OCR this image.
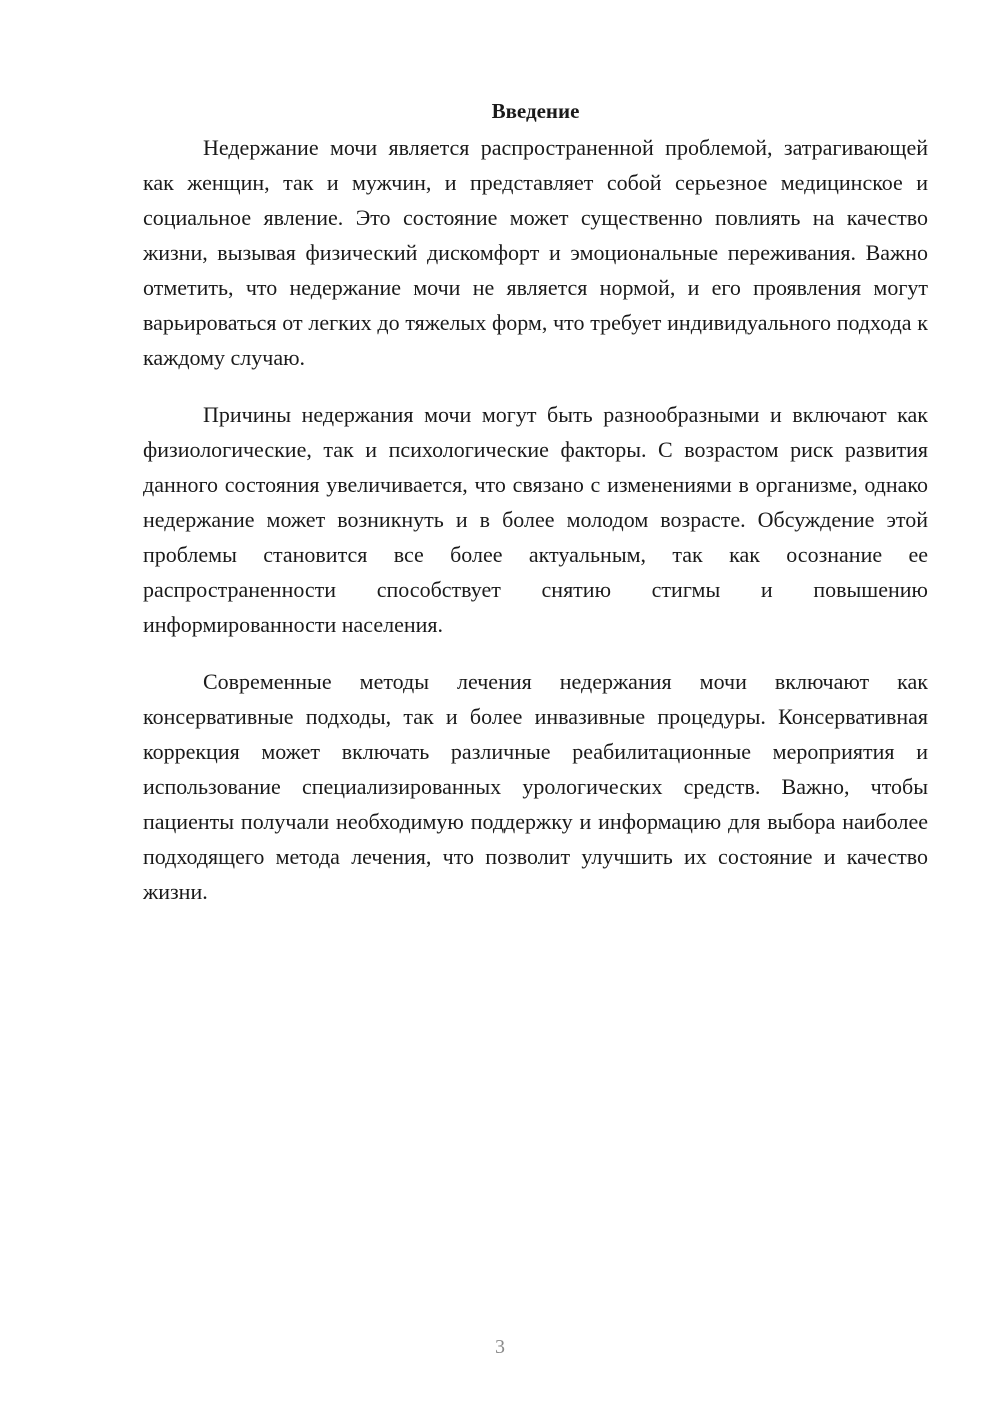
Введение

Недержание мочи является распространенной проблемой, затрагивающей как женщин, так и мужчин, и представляет собой серьезное медицинское и социальное явление. Это состояние может существенно повлиять на качество жизни, вызывая физический дискомфорт и эмоциональные переживания. Важно отметить, что недержание мочи не является нормой, и его проявления могут варьироваться от легких до тяжелых форм, что требует индивидуального подхода к каждому случаю.

Причины недержания мочи могут быть разнообразными и включают как физиологические, так и психологические факторы. С возрастом риск развития данного состояния увеличивается, что связано с изменениями в организме, однако недержание может возникнуть и в более молодом возрасте. Обсуждение этой проблемы становится все более актуальным, так как осознание ее распространенности способствует снятию стигмы и повышению информированности населения.

Современные методы лечения недержания мочи включают как консервативные подходы, так и более инвазивные процедуры. Консервативная коррекция может включать различные реабилитационные мероприятия и использование специализированных урологических средств. Важно, чтобы пациенты получали необходимую поддержку и информацию для выбора наиболее подходящего метода лечения, что позволит улучшить их состояние и качество жизни.

3
